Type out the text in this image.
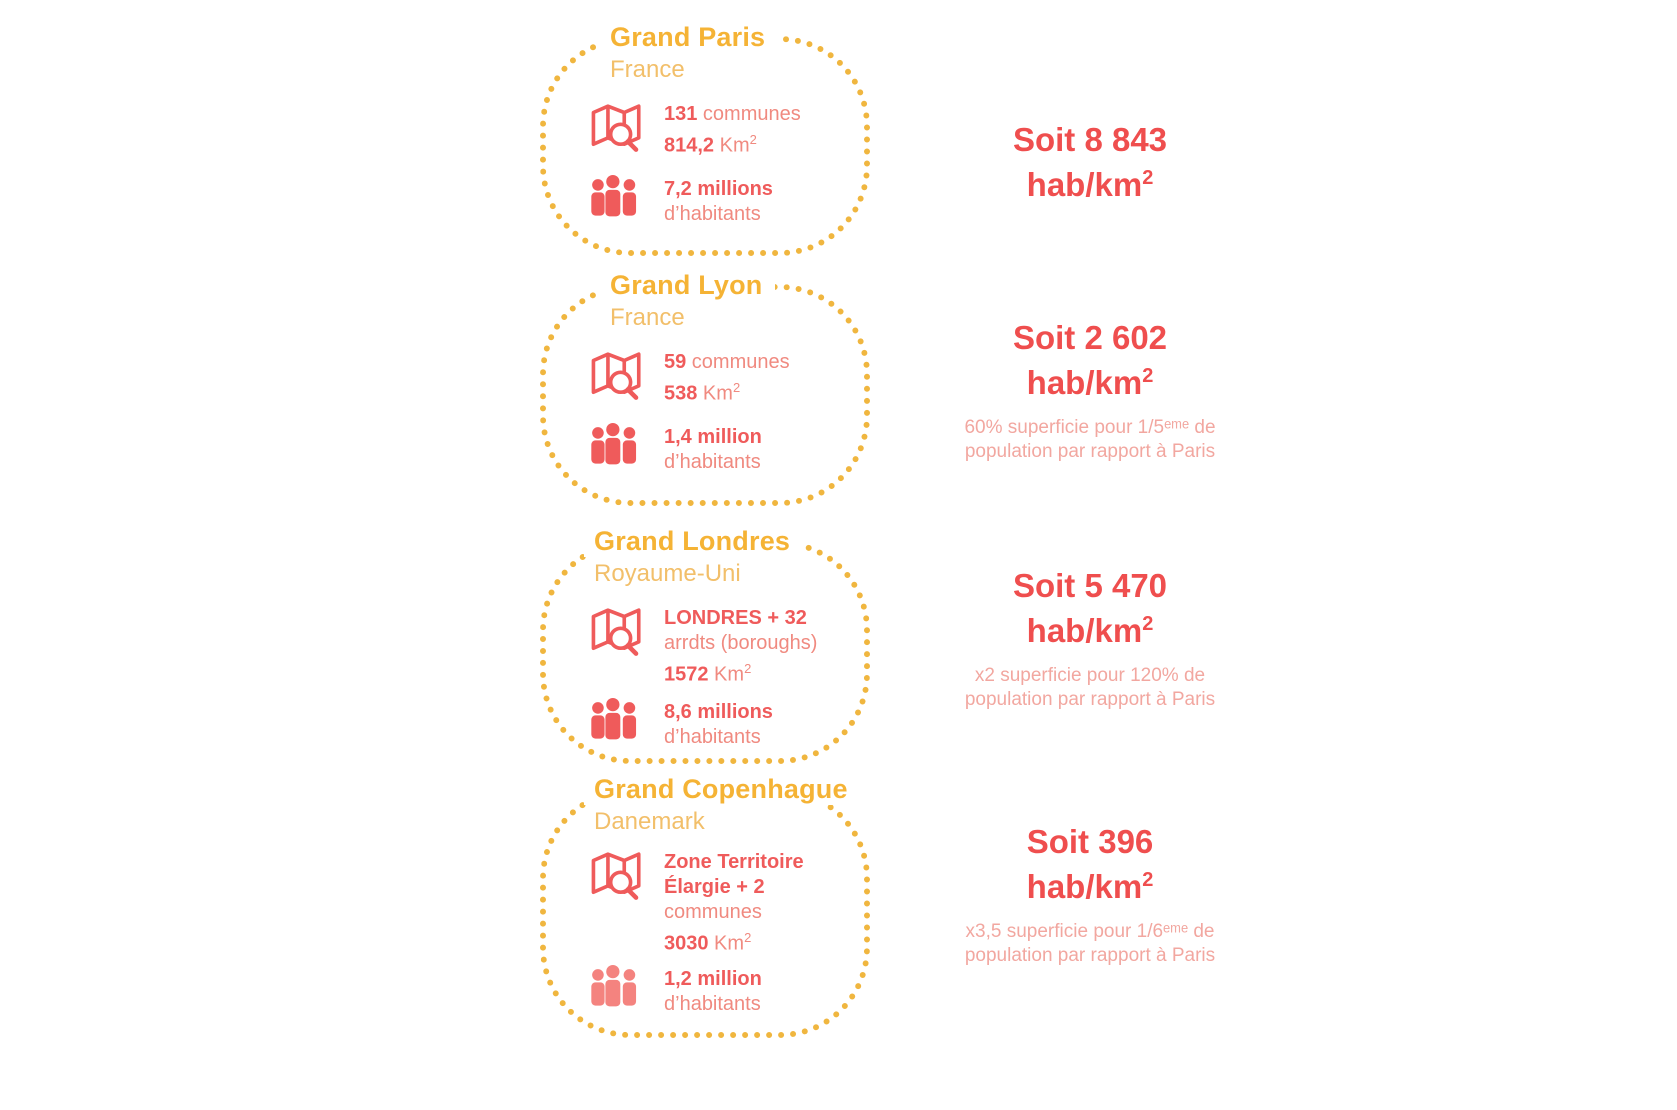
Grand Paris
France
131 communes
814,2 Km$^2$
7,2 millions
d’habitants
Soit 8 843
hab/$km^2$
Grand Lyon
France
59 communes
538 Km$^2$
1,4 million
d’habitants
Soit 2 602
hab/$km^2$
60% superficie pour 1/5ᵉᵐᵉ de population par rapport à Paris
Grand Londres
Royaume-Uni
LONDRES + 32
arrdts (boroughs)
1572 Km$^2$
8,6 millions
d’habitants
Soit 5 470
hab/$km^2$
x2 superficie pour 120% de population par rapport à Paris
Grand Copenhague
Danemark
Zone Territoire Élargie + 2
communes
3030 Km$^2$
1,2 million
d’habitants
Soit 396
hab/$km^2$
x3,5 superficie pour 1/6ᵉᵐᵉ de population par rapport à Paris
